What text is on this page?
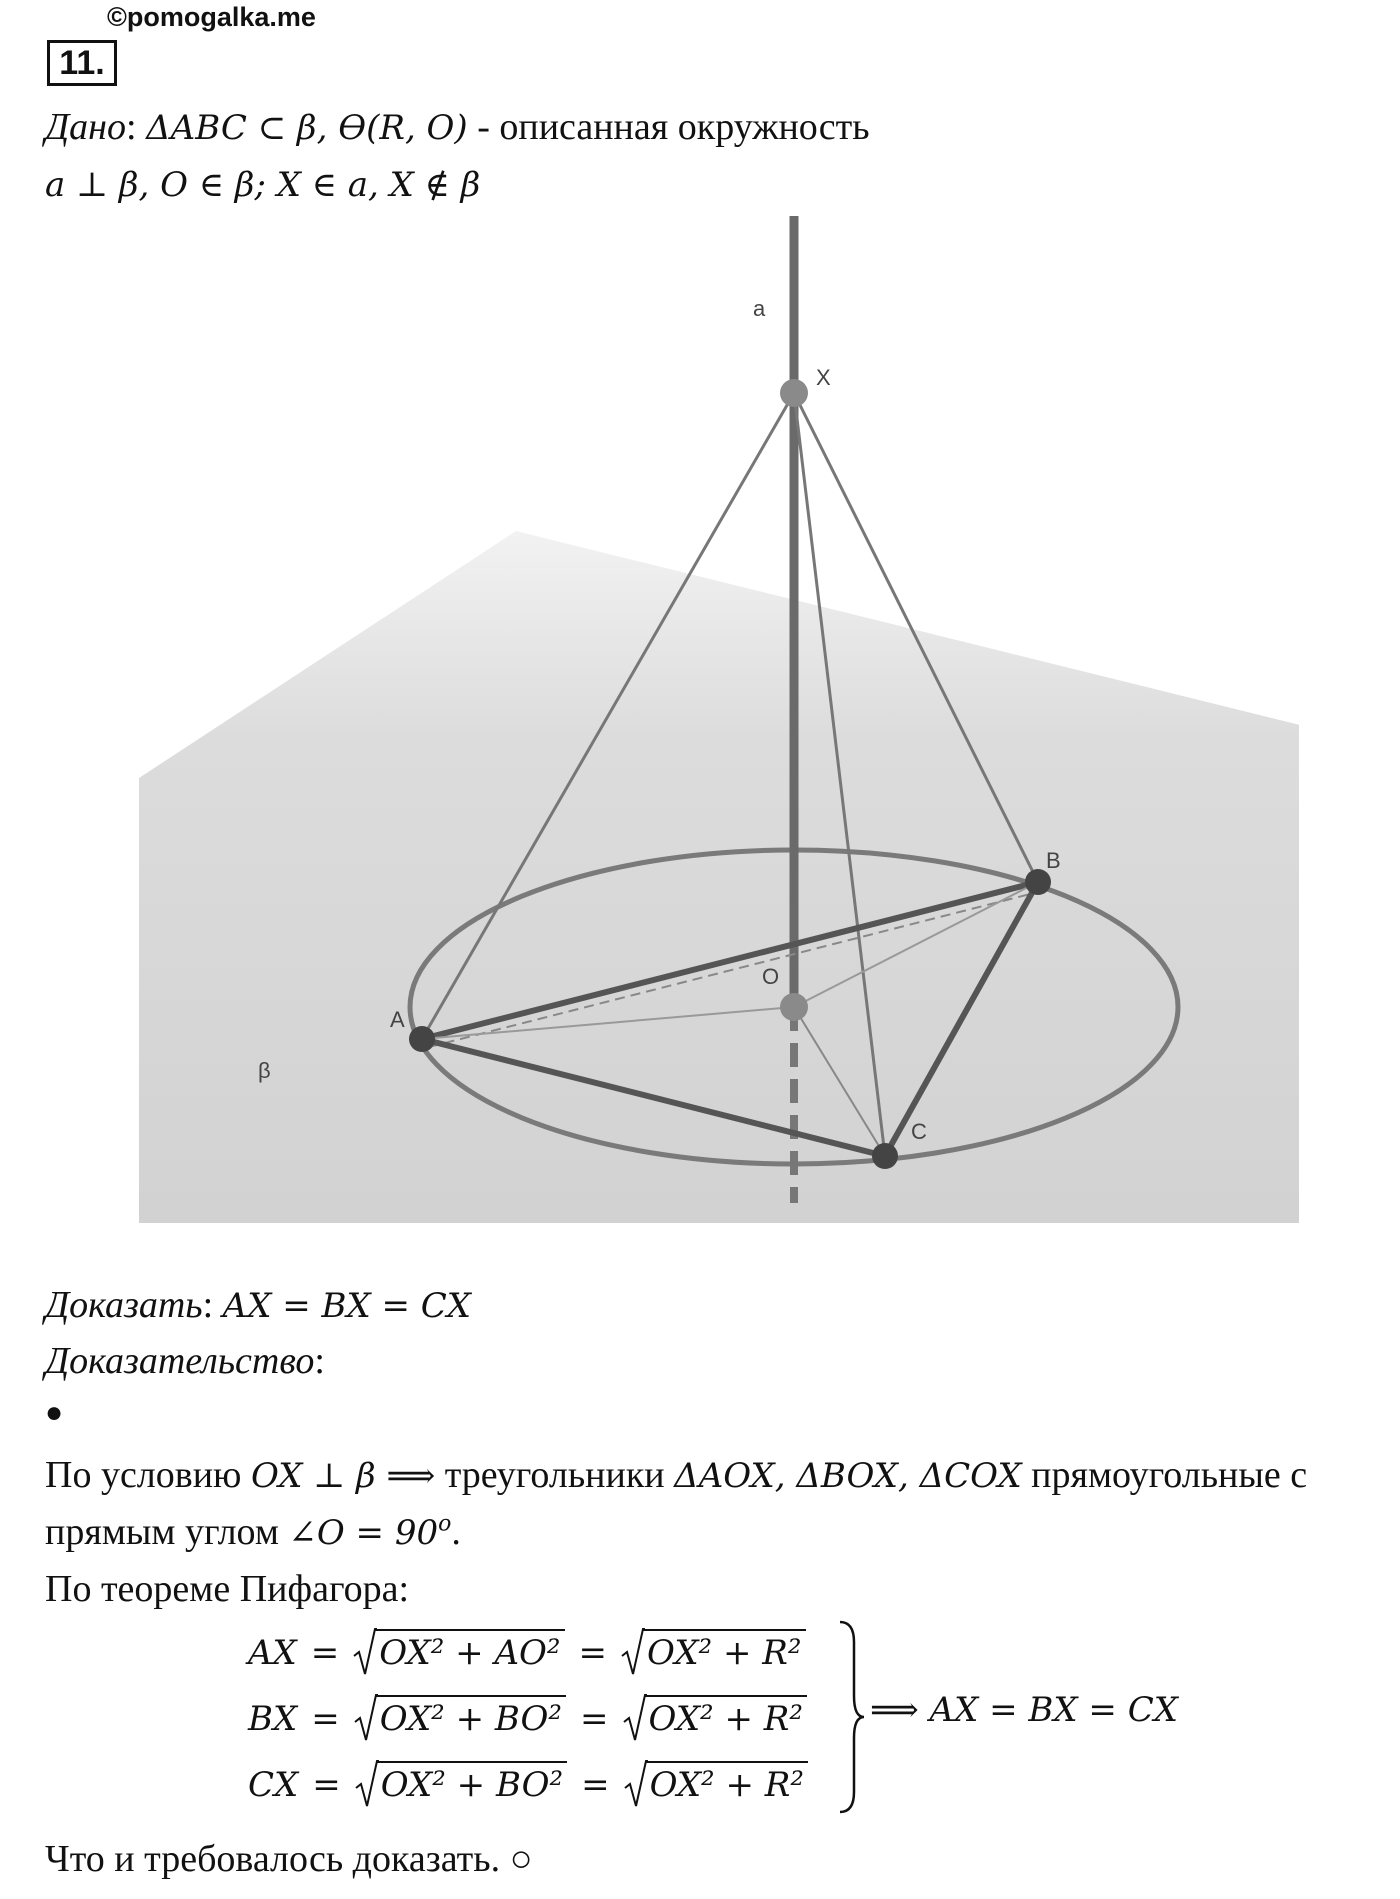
©pomogalka.me
11.
Дано: ΔABC ⊂ β, Ɵ(R, O) - описанная окружность
a ⊥ β, O ∈ β; X ∈ a, X ∉ β
a
X
B
O
A
C
β
Доказать: AX = BX = CX
Доказательство:
●
По условию OX ⊥ β ⟹ треугольники ΔAOX, ΔBOX, ΔCOX прямоугольные с
прямым углом ∠O = $90^o$.
По теореме Пифагора:
AX = OX² + AO² = OX² + R²
BX = OX² + BO² = OX² + R²
CX = OX² + BO² = OX² + R²
⟹ AX = BX = CX
Что и требовалось доказать. ○
